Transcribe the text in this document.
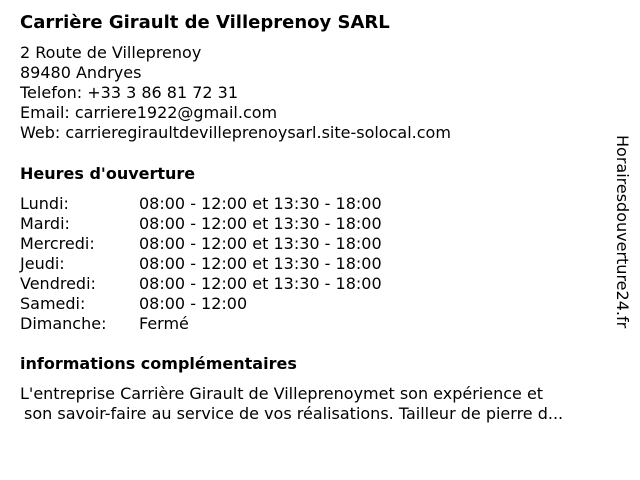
Carrière Girault de Villeprenoy SARL
2 Route de Villeprenoy
89480 Andryes
Telefon: +33 3 86 81 72 31
Email: carriere1922@gmail.com
Web: carrieregiraultdevilleprenoysarl.site-solocal.com
Heures d'ouverture
Lundi:	08:00 - 12:00 et 13:30 - 18:00
Mardi:	08:00 - 12:00 et 13:30 - 18:00
Mercredi:	08:00 - 12:00 et 13:30 - 18:00
Jeudi:	08:00 - 12:00 et 13:30 - 18:00
Vendredi:	08:00 - 12:00 et 13:30 - 18:00
Samedi:	08:00 - 12:00
Dimanche: Fermé
informations complémentaires
L'entreprise Carrière Girault de Villeprenoymet son expérience et
son savoir-faire au service de vos réalisations. Tailleur de pierre d...
Horairesdouverture24.fr
